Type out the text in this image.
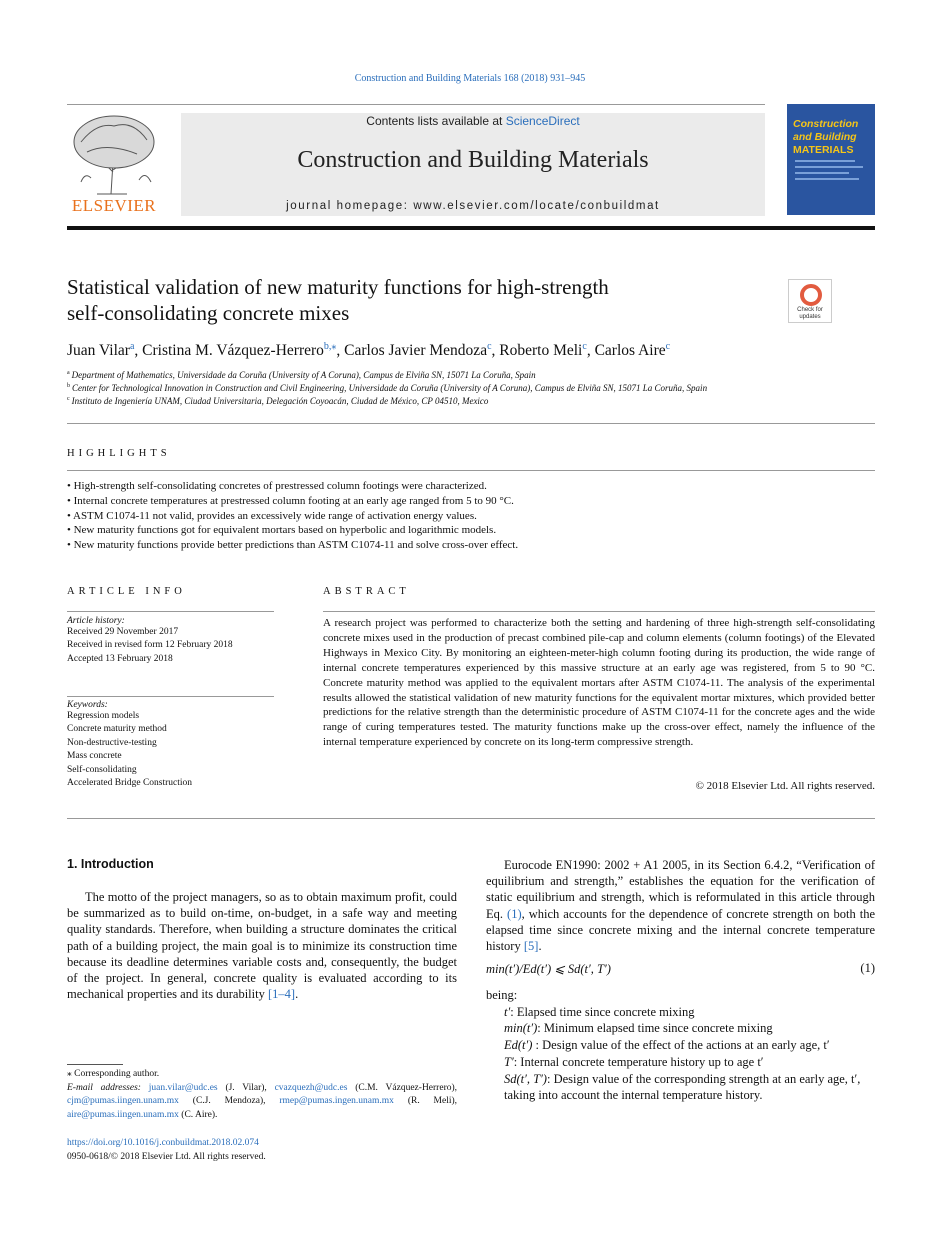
Construction and Building Materials 168 (2018) 931–945
ELSEVIER
Contents lists available at ScienceDirect
Construction and Building Materials
journal homepage: www.elsevier.com/locate/conbuildmat
Construction and Building
MATERIALS
Statistical validation of new maturity functions for high-strength
self-consolidating concrete mixes	Check for
updates
Juan Vilar$^a$, Cristina M. Vázquez-Herrero$^{b,⁎}$, Carlos Javier Mendoza$^c$, Roberto Meli$^c$, Carlos Aire$^c$
$^a$ Department of Mathematics, Universidade da Coruña (University of A Coruna), Campus de Elviña SN, 15071 La Coruña, Spain
$^b$ Center for Technological Innovation in Construction and Civil Engineering, Universidade da Coruña (University of A Coruna), Campus de Elviña SN, 15071 La Coruña, Spain
$^c$ Instituto de Ingeniería UNAM, Ciudad Universitaria, Delegación Coyoacán, Ciudad de México, CP 04510, Mexico
HIGHLIGHTS
• High-strength self-consolidating concretes of prestressed column footings were characterized.
• Internal concrete temperatures at prestressed column footing at an early age ranged from 5 to 90 °C.
• ASTM C1074-11 not valid, provides an excessively wide range of activation energy values.
• New maturity functions got for equivalent mortars based on hyperbolic and logarithmic models.
• New maturity functions provide better predictions than ASTM C1074-11 and solve cross-over effect.
ARTICLE INFO
Article history:
Received 29 November 2017
Received in revised form 12 February 2018
Accepted 13 February 2018
Keywords:
Regression models
Concrete maturity method
Non-destructive-testing
Mass concrete
Self-consolidating
Accelerated Bridge Construction
ABSTRACT
A research project was performed to characterize both the setting and hardening of three high-strength self-consolidating concrete mixes used in the production of precast combined pile-cap and column elements (column footings) of the Elevated Highways in Mexico City. By monitoring an eighteen-meter-high column footing during its production, the wide range of internal concrete temperatures experienced by this massive structure at an early age was registered, from 5 to 90 °C. Concrete maturity method was applied to the equivalent mortars after ASTM C1074-11. The analysis of the experimental results allowed the statistical validation of new maturity functions for the equivalent mortar mixtures, which provided better predictions for the relative strength than the deterministic procedure of ASTM C1074-11 for the concrete ages and the wide range of curing temperatures tested. The maturity functions make up the cross-over effect, namely the influence of the internal temperature experienced by concrete on its long-term compressive strength.
© 2018 Elsevier Ltd. All rights reserved.
1. Introduction
The motto of the project managers, so as to obtain maximum profit, could be summarized as to build on-time, on-budget, in a safe way and meeting quality standards. Therefore, when building a structure dominates the critical path of a building project, the main goal is to minimize its construction time because its deadline determines variable costs and, consequently, the budget of the project. In general, concrete quality is evaluated according to its mechanical properties and its durability [1–4].
Eurocode EN1990: 2002 + A1 2005, in its Section 6.4.2, “Verification of equilibrium and strength,” establishes the equation for the verification of static equilibrium and strength, which is reformulated in this article through Eq. (1), which accounts for the dependence of concrete strength on both the elapsed time since concrete mixing and the internal concrete temperature history [5].
min(t′)/Ed(t′) ⩽ Sd(t′, T′)	(1)
being:
t′: Elapsed time since concrete mixing
min(t′): Minimum elapsed time since concrete mixing
Ed(t′) : Design value of the effect of the actions at an early age, t′
T′: Internal concrete temperature history up to age t′
Sd(t′, T′): Design value of the corresponding strength at an early age, t′, taking into account the internal temperature history.
⁎ Corresponding author.
E-mail addresses: juan.vilar@udc.es (J. Vilar), cvazquezh@udc.es (C.M. Vázquez-Herrero), cjm@pumas.iingen.unam.mx (C.J. Mendoza), rmep@pumas.ingen.unam.mx (R. Meli), aire@pumas.iingen.unam.mx (C. Aire).
https://doi.org/10.1016/j.conbuildmat.2018.02.074
0950-0618/© 2018 Elsevier Ltd. All rights reserved.
